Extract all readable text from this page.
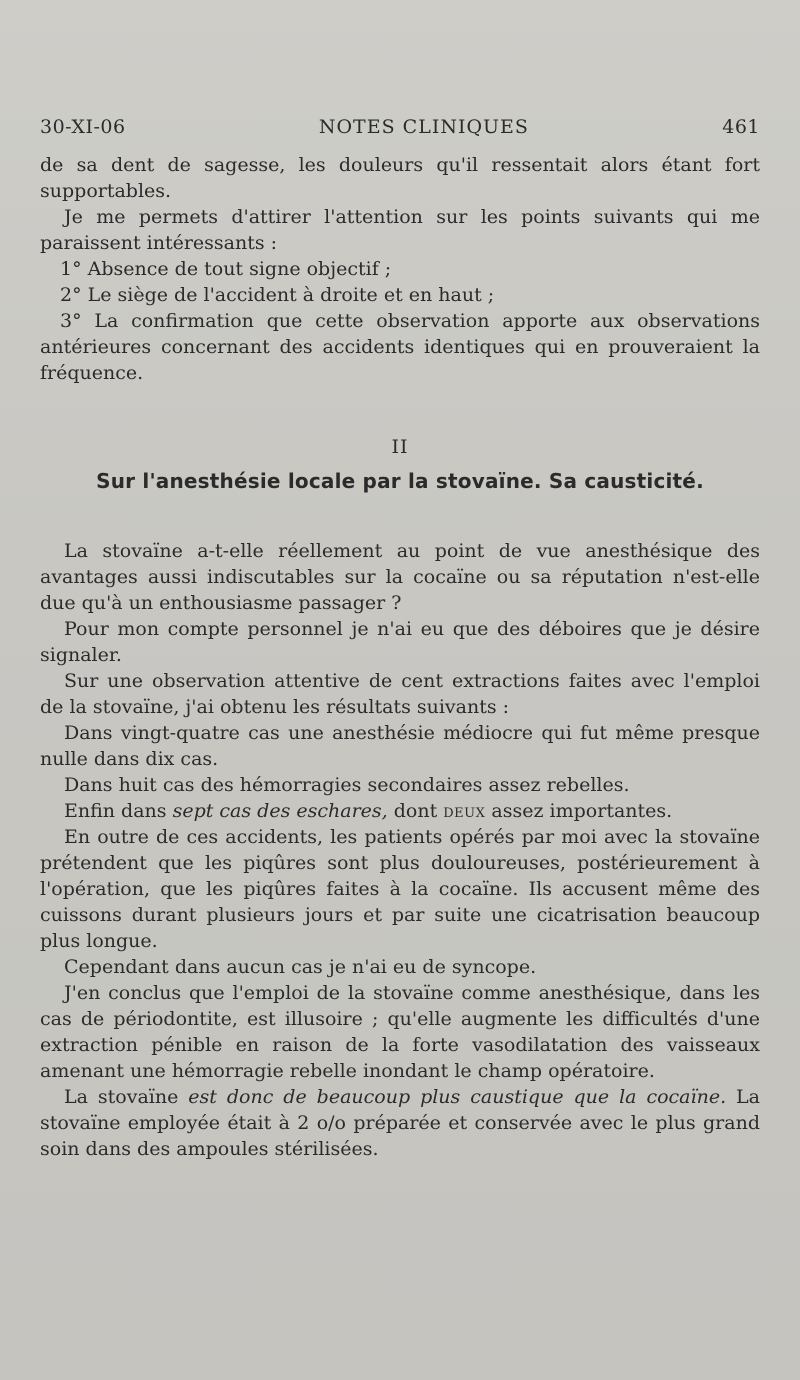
30-XI-06	NOTES CLINIQUES	461

de sa dent de sagesse, les douleurs qu'il ressentait alors étant fort supportables.

Je me permets d'attirer l'attention sur les points suivants qui me paraissent intéressants :

1° Absence de tout signe objectif ;

2° Le siège de l'accident à droite et en haut ;

3° La confirmation que cette observation apporte aux observations antérieures concernant des accidents identiques qui en prouveraient la fréquence.

II
Sur l'anesthésie locale par la stovaïne. Sa causticité.

La stovaïne a-t-elle réellement au point de vue anesthésique des avantages aussi indiscutables sur la cocaïne ou sa réputation n'est-elle due qu'à un enthousiasme passager ?

Pour mon compte personnel je n'ai eu que des déboires que je désire signaler.

Sur une observation attentive de cent extractions faites avec l'emploi de la stovaïne, j'ai obtenu les résultats suivants :

Dans vingt-quatre cas une anesthésie médiocre qui fut même presque nulle dans dix cas.

Dans huit cas des hémorragies secondaires assez rebelles.

Enfin dans sept cas des eschares, dont deux assez importantes.

En outre de ces accidents, les patients opérés par moi avec la stovaïne prétendent que les piqûres sont plus douloureuses, postérieurement à l'opération, que les piqûres faites à la cocaïne. Ils accusent même des cuissons durant plusieurs jours et par suite une cicatrisation beaucoup plus longue.

Cependant dans aucun cas je n'ai eu de syncope.

J'en conclus que l'emploi de la stovaïne comme anesthésique, dans les cas de périodontite, est illusoire ; qu'elle augmente les difficultés d'une extraction pénible en raison de la forte vasodilatation des vaisseaux amenant une hémorragie rebelle inondant le champ opératoire.

La stovaïne est donc de beaucoup plus caustique que la cocaïne. La stovaïne employée était à 2 o/o préparée et conservée avec le plus grand soin dans des ampoules stérilisées.
